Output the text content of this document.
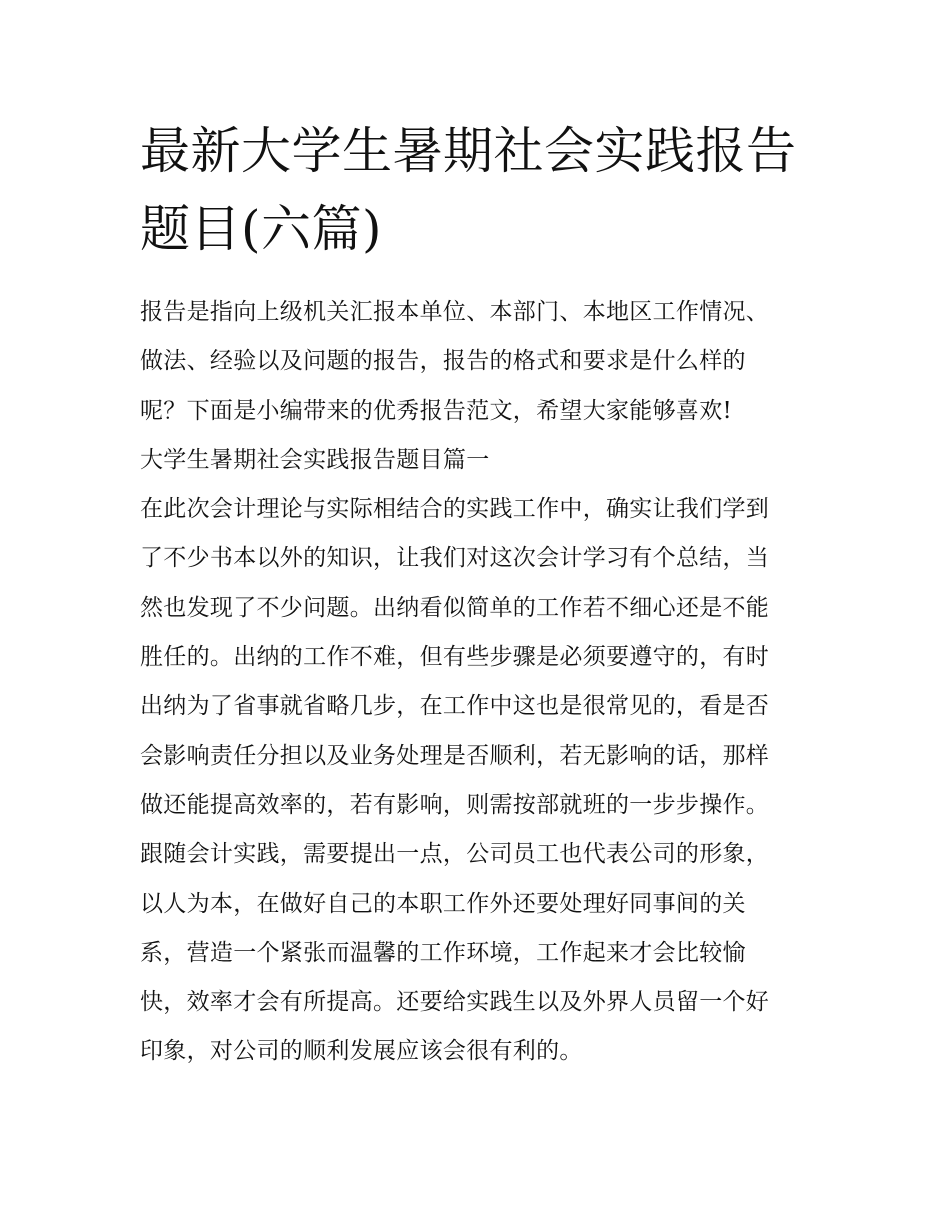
最新大学生暑期社会实践报告
题目(六篇)
报告是指向上级机关汇报本单位、本部门、本地区工作情况、
做法、经验以及问题的报告，报告的格式和要求是什么样的
呢？下面是小编带来的优秀报告范文，希望大家能够喜欢!
大学生暑期社会实践报告题目篇一
在此次会计理论与实际相结合的实践工作中，确实让我们学到
了不少书本以外的知识，让我们对这次会计学习有个总结，当
然也发现了不少问题。出纳看似简单的工作若不细心还是不能
胜任的。出纳的工作不难，但有些步骤是必须要遵守的，有时
出纳为了省事就省略几步，在工作中这也是很常见的，看是否
会影响责任分担以及业务处理是否顺利，若无影响的话，那样
做还能提高效率的，若有影响，则需按部就班的一步步操作。
跟随会计实践，需要提出一点，公司员工也代表公司的形象，
以人为本，在做好自己的本职工作外还要处理好同事间的关
系，营造一个紧张而温馨的工作环境，工作起来才会比较愉
快，效率才会有所提高。还要给实践生以及外界人员留一个好
印象，对公司的顺利发展应该会很有利的。
